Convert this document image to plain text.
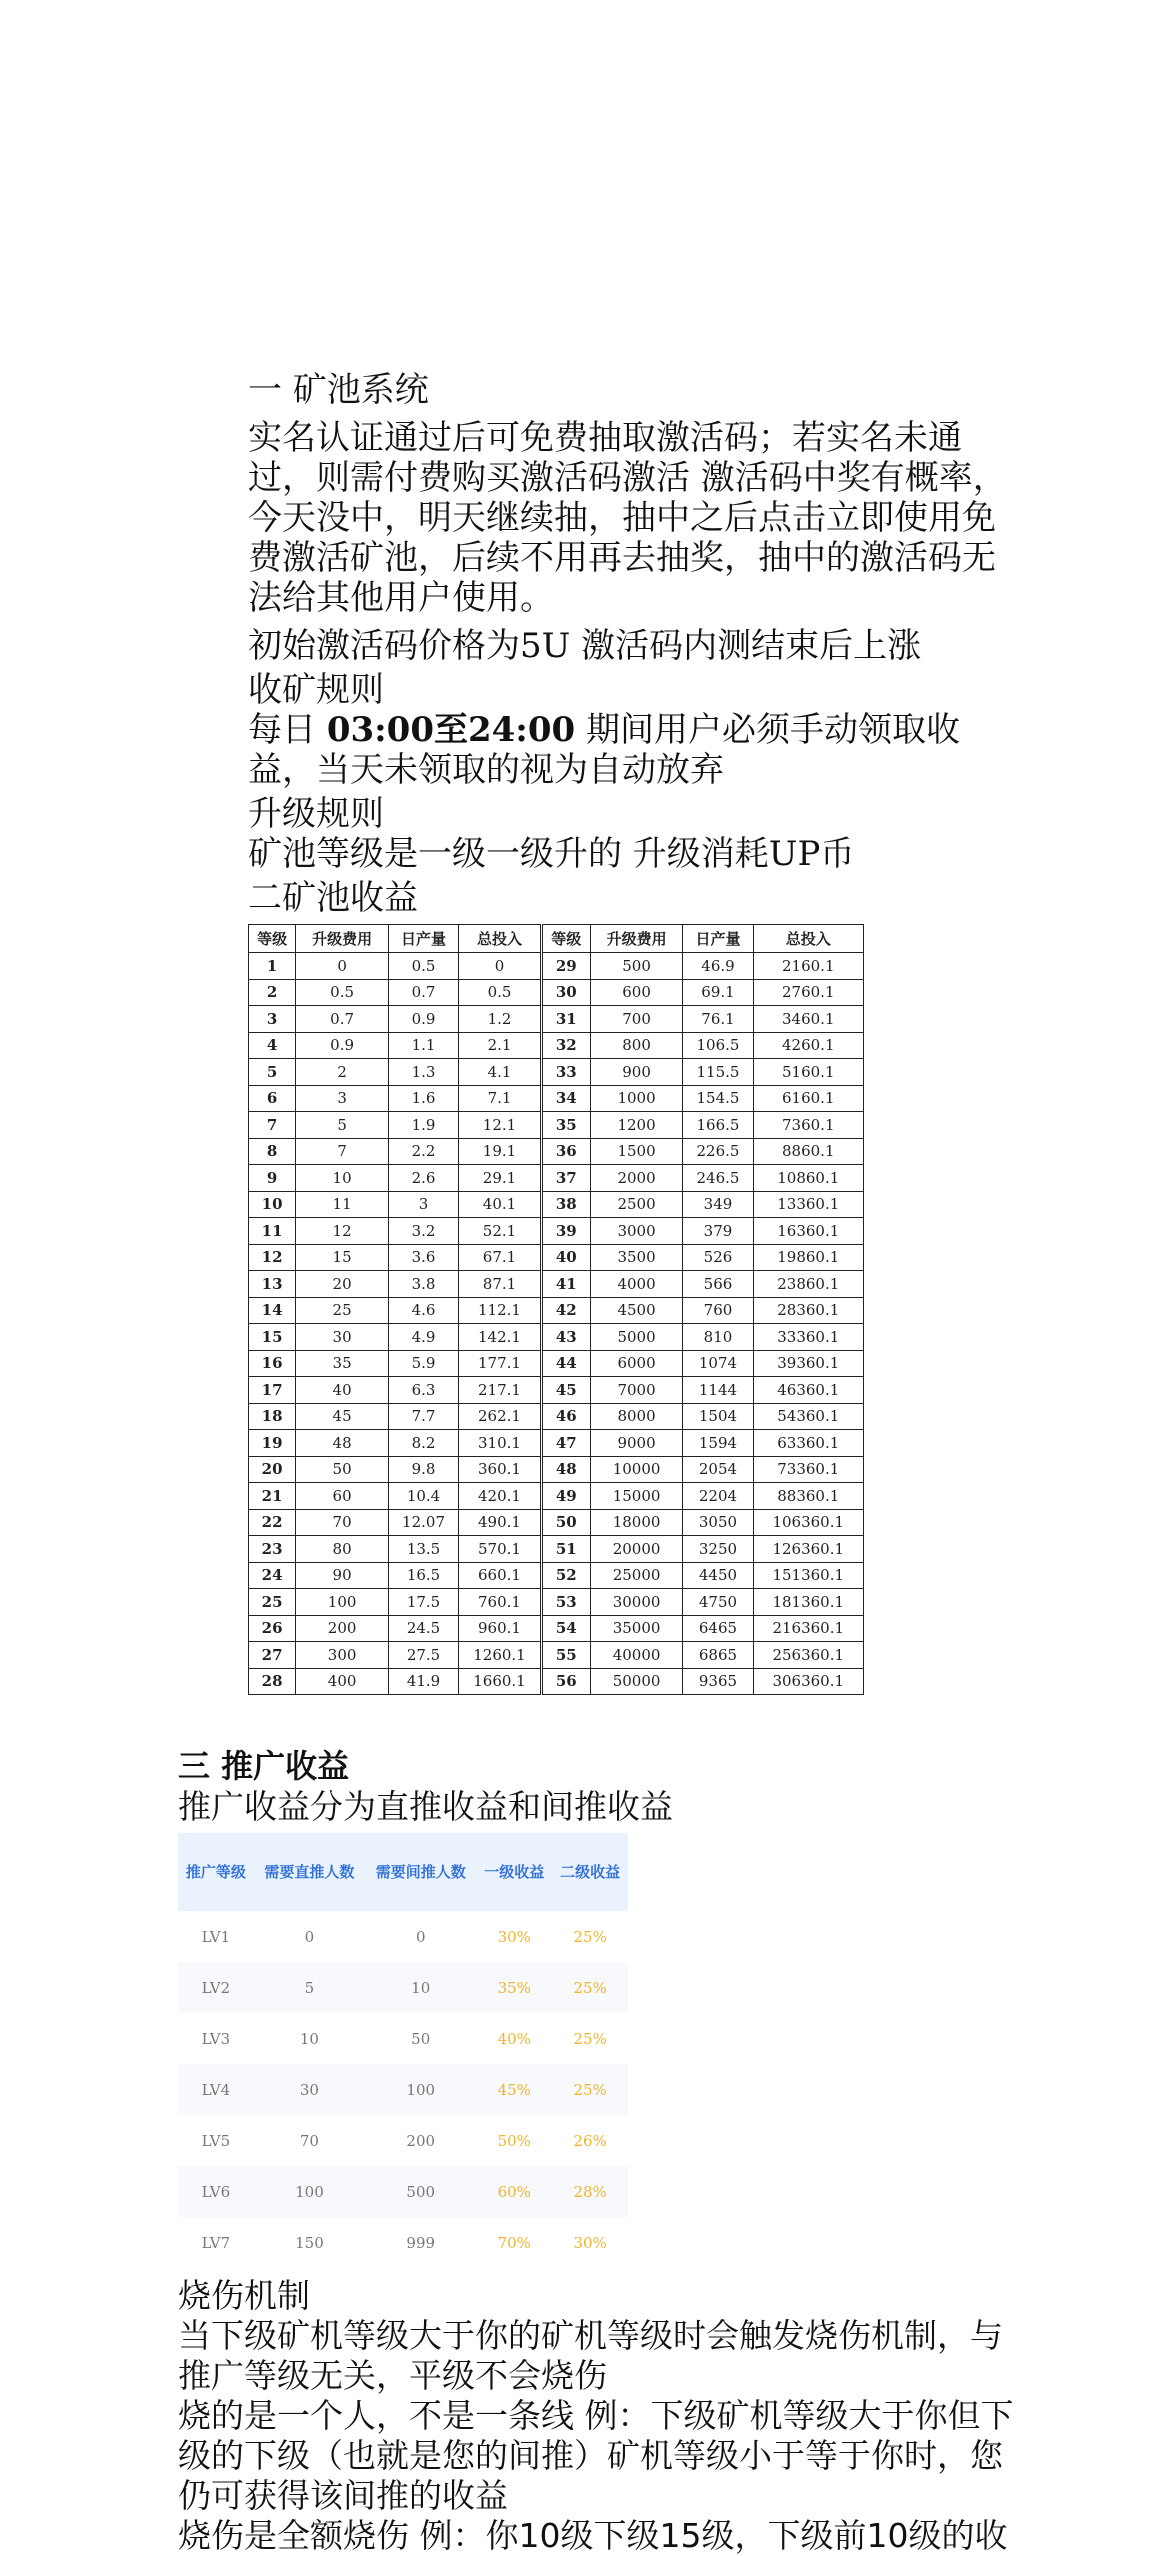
一 矿池系统

实名认证通过后可免费抽取激活码；若实名未通过，则需付费购买激活码激活 激活码中奖有概率，今天没中，明天继续抽，抽中之后点击立即使用免费激活矿池，后续不用再去抽奖，抽中的激活码无法给其他用户使用。

初始激活码价格为5U 激活码内测结束后上涨

收矿规则

每日 03:00至24:00 期间用户必须手动领取收益，当天未领取的视为自动放弃

升级规则

矿池等级是一级一级升的 升级消耗UP币

二矿池收益

等级	升级费用	日产量	总投入	等级	升级费用	日产量	总投入
1	0	0.5	0	29	500	46.9	2160.1
2	0.5	0.7	0.5	30	600	69.1	2760.1
3	0.7	0.9	1.2	31	700	76.1	3460.1
4	0.9	1.1	2.1	32	800	106.5	4260.1
5	2	1.3	4.1	33	900	115.5	5160.1
6	3	1.6	7.1	34	1000	154.5	6160.1
7	5	1.9	12.1	35	1200	166.5	7360.1
8	7	2.2	19.1	36	1500	226.5	8860.1
9	10	2.6	29.1	37	2000	246.5	10860.1
10	11	3	40.1	38	2500	349	13360.1
11	12	3.2	52.1	39	3000	379	16360.1
12	15	3.6	67.1	40	3500	526	19860.1
13	20	3.8	87.1	41	4000	566	23860.1
14	25	4.6	112.1	42	4500	760	28360.1
15	30	4.9	142.1	43	5000	810	33360.1
16	35	5.9	177.1	44	6000	1074	39360.1
17	40	6.3	217.1	45	7000	1144	46360.1
18	45	7.7	262.1	46	8000	1504	54360.1
19	48	8.2	310.1	47	9000	1594	63360.1
20	50	9.8	360.1	48	10000	2054	73360.1
21	60	10.4	420.1	49	15000	2204	88360.1
22	70	12.07	490.1	50	18000	3050	106360.1
23	80	13.5	570.1	51	20000	3250	126360.1
24	90	16.5	660.1	52	25000	4450	151360.1
25	100	17.5	760.1	53	30000	4750	181360.1
26	200	24.5	960.1	54	35000	6465	216360.1
27	300	27.5	1260.1	55	40000	6865	256360.1
28	400	41.9	1660.1	56	50000	9365	306360.1

三 推广收益

推广收益分为直推收益和间推收益

推广等级	需要直推人数	需要间推人数	一级收益	二级收益
LV1	0	0	30%	25%
LV2	5	10	35%	25%
LV3	10	50	40%	25%
LV4	30	100	45%	25%
LV5	70	200	50%	26%
LV6	100	500	60%	28%
LV7	150	999	70%	30%

烧伤机制

当下级矿机等级大于你的矿机等级时会触发烧伤机制，与推广等级无关，平级不会烧伤

烧的是一个人，不是一条线 例：下级矿机等级大于你但下级的下级（也就是您的间推）矿机等级小于等于你时，您仍可获得该间推的收益

烧伤是全额烧伤 例：你10级下级15级，下级前10级的收
